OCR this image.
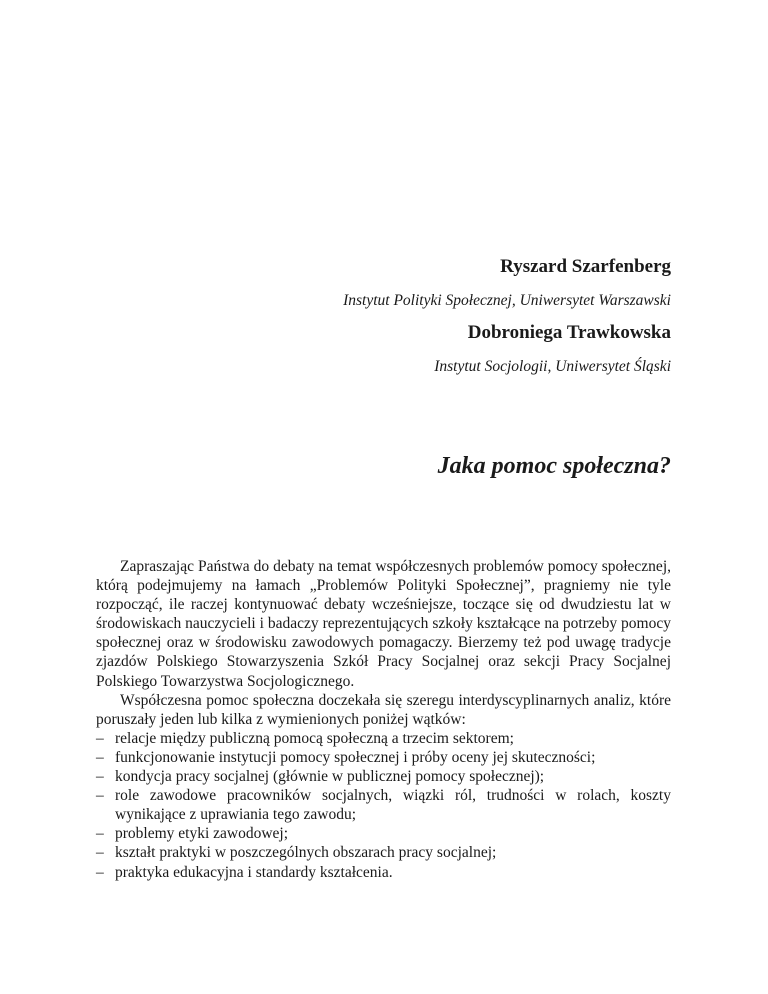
Ryszard Szarfenberg
Instytut Polityki Społecznej, Uniwersytet Warszawski
Dobroniega Trawkowska
Instytut Socjologii, Uniwersytet Śląski
Jaka pomoc społeczna?

Zapraszając Państwa do debaty na temat współczesnych problemów pomocy społecznej, którą podejmujemy na łamach „Problemów Polityki Społecznej”, pragniemy nie tyle rozpocząć, ile raczej kontynuować debaty wcześniejsze, toczące się od dwudziestu lat w środowiskach nauczycieli i badaczy reprezentujących szkoły kształcące na potrzeby pomocy społecznej oraz w środowisku zawodowych pomagaczy. Bierzemy też pod uwagę tradycje zjazdów Polskiego Stowarzyszenia Szkół Pracy Socjalnej oraz sekcji Pracy Socjalnej Polskiego Towarzystwa Socjologicznego.

Współczesna pomoc społeczna doczekała się szeregu interdyscyplinarnych analiz, które poruszały jeden lub kilka z wymienionych poniżej wątków:

– relacje między publiczną pomocą społeczną a trzecim sektorem;
– funkcjonowanie instytucji pomocy społecznej i próby oceny jej skuteczności;
– kondycja pracy socjalnej (głównie w publicznej pomocy społecznej);
– role zawodowe pracowników socjalnych, wiązki ról, trudności w rolach, koszty wynikające z uprawiania tego zawodu;
– problemy etyki zawodowej;
– kształt praktyki w poszczególnych obszarach pracy socjalnej;
– praktyka edukacyjna i standardy kształcenia.
